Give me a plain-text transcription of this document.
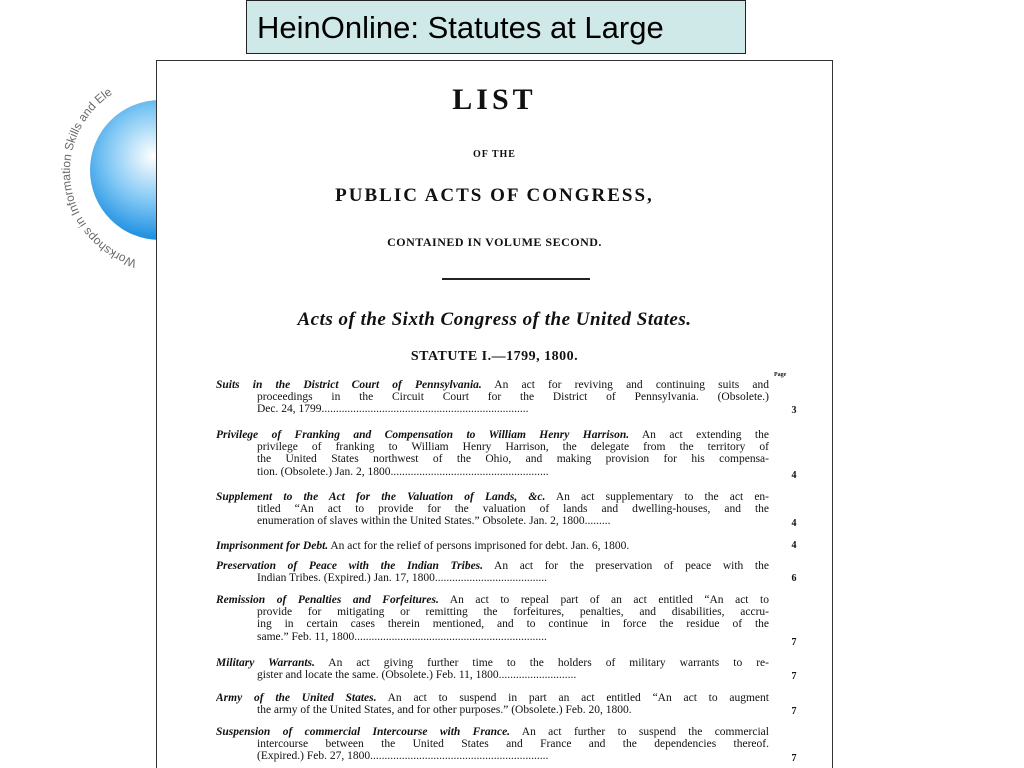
HeinOnline: Statutes at Large
Workshops in Information Skills and Ele	LIST
OF THE
PUBLIC ACTS OF CONGRESS,
CONTAINED IN VOLUME SECOND.
Acts of the Sixth Congress of the United States.
STATUTE I.—1799, 1800.
Page
Suits in the District Court of Pennsylvania. An act for reviving and continuing suits and
proceedings in the Circuit Court for the District of Pennsylvania. (Obsolete.)
Dec. 24, 1799........................................................................	3
Privilege of Franking and Compensation to William Henry Harrison. An act extending the
privilege of franking to William Henry Harrison, the delegate from the territory of
the United States northwest of the Ohio, and making provision for his compensa-
tion. (Obsolete.) Jan. 2, 1800.......................................................	4
Supplement to the Act for the Valuation of Lands, &c. An act supplementary to the act en-
titled “An act to provide for the valuation of lands and dwelling-houses, and the
enumeration of slaves within the United States.” Obsolete. Jan. 2, 1800.........	4
Imprisonment for Debt. An act for the relief of persons imprisoned for debt. Jan. 6, 1800.	4
Preservation of Peace with the Indian Tribes. An act for the preservation of peace with the
Indian Tribes. (Expired.) Jan. 17, 1800.......................................	6
Remission of Penalties and Forfeitures. An act to repeal part of an act entitled “An act to
provide for mitigating or remitting the forfeitures, penalties, and disabilities, accru-
ing in certain cases therein mentioned, and to continue in force the residue of the
same.” Feb. 11, 1800...................................................................	7
Military Warrants. An act giving further time to the holders of military warrants to re-
gister and locate the same. (Obsolete.) Feb. 11, 1800...........................	7
Army of the United States. An act to suspend in part an act entitled “An act to augment
the army of the United States, and for other purposes.” (Obsolete.) Feb. 20, 1800.	7
Suspension of commercial Intercourse with France. An act further to suspend the commercial
intercourse between the United States and France and the dependencies thereof.
(Expired.) Feb. 27, 1800..............................................................	7
